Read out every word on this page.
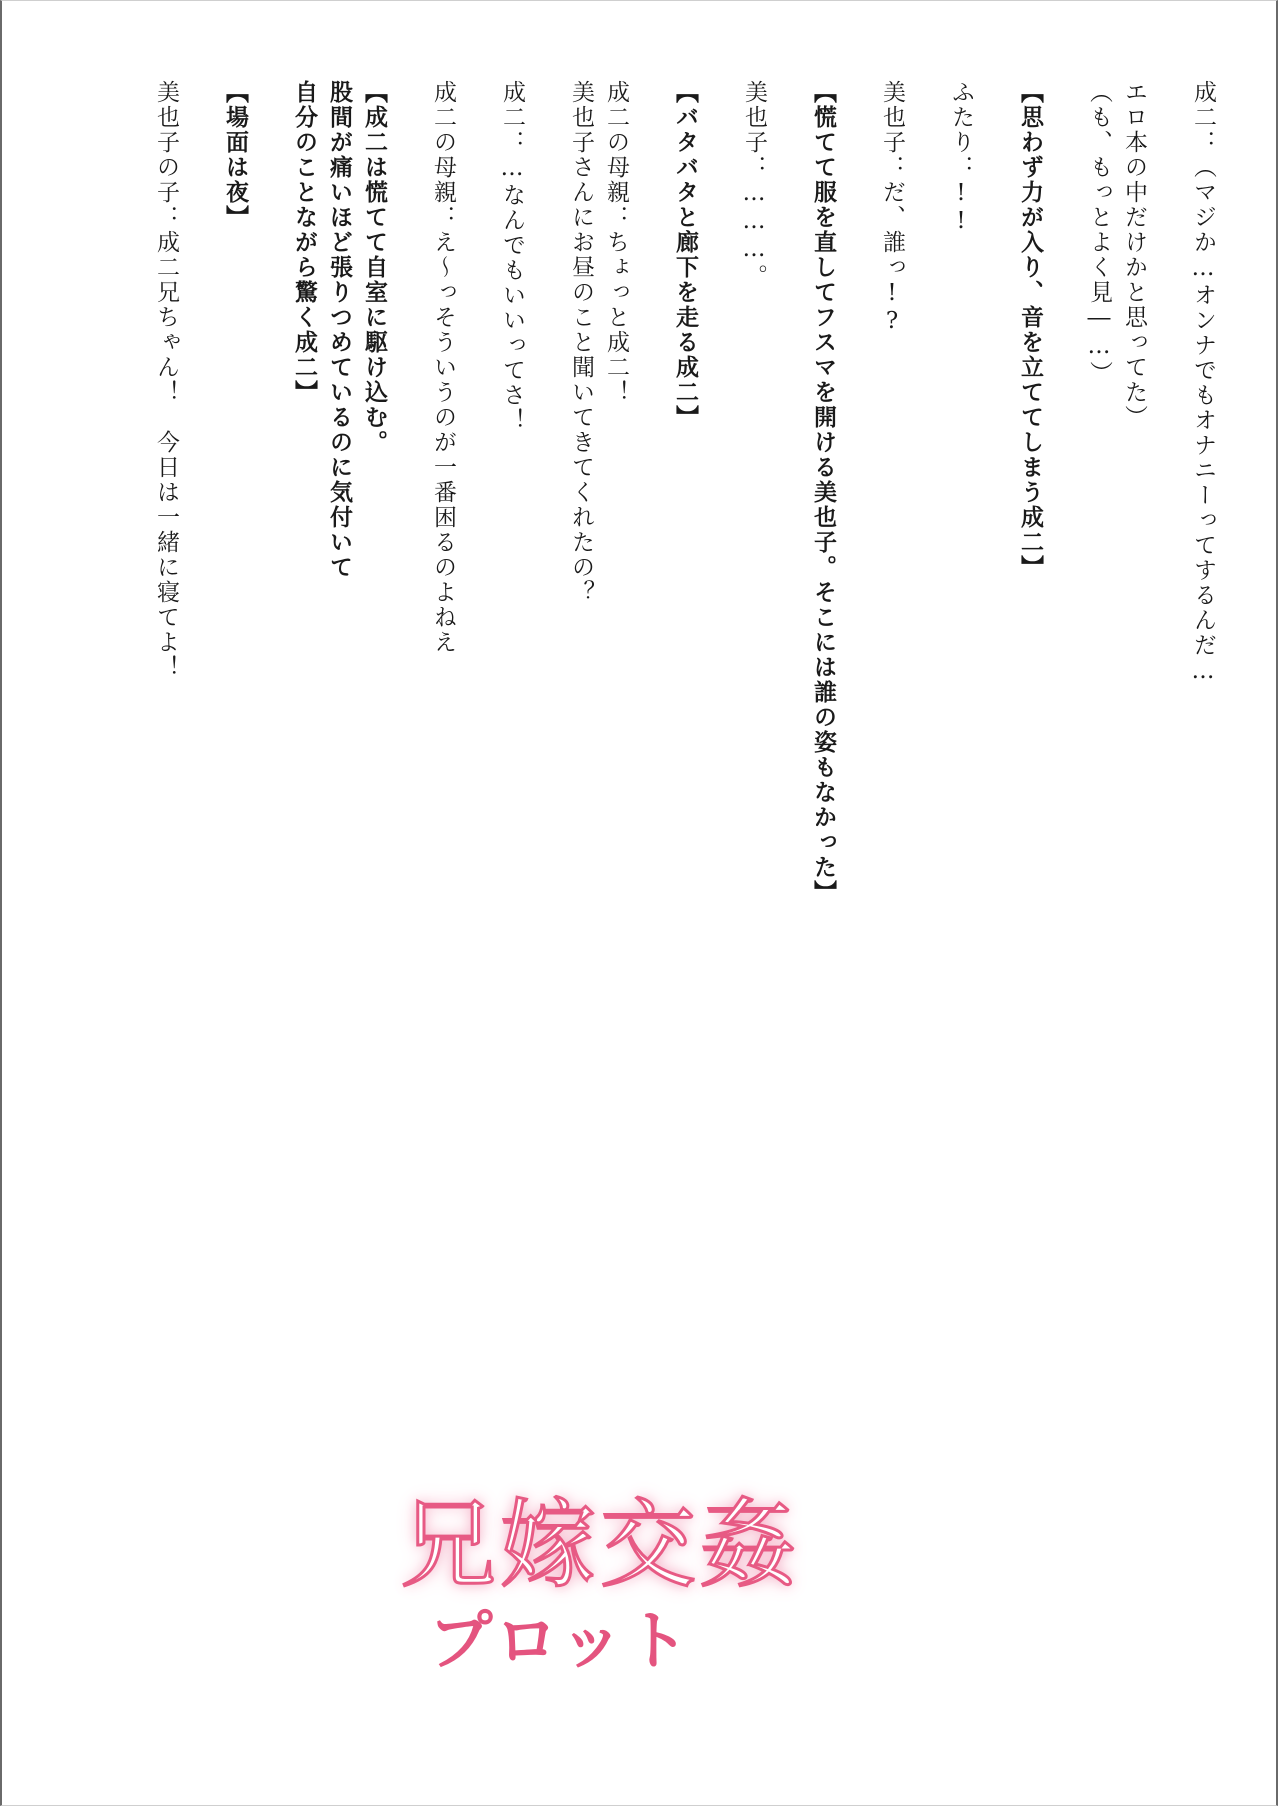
成二：（マジか…オンナでもオナニーってするんだ…
エロ本の中だけかと思ってた）
（も、もっとよく見―…）
【思わず力が入り、音を立ててしまう成二】
ふたり：!!
美也子：だ、誰っ!?
【慌てて服を直してフスマを開ける美也子。そこには誰の姿もなかった】
美也子：………。
【バタバタと廊下を走る成二】
成二の母親：ちょっと成二！
美也子さんにお昼のこと聞いてきてくれたの？
成二：…なんでもいいってさ！
成二の母親：え～っそういうのが一番困るのよねえ
【成二は慌てて自室に駆け込む。
股間が痛いほど張りつめているのに気付いて
自分のことながら驚く成二】
【場面は夜】
美也子の子：成二兄ちゃん！　今日は一緒に寝てよ！
兄嫁交姦
プロット
